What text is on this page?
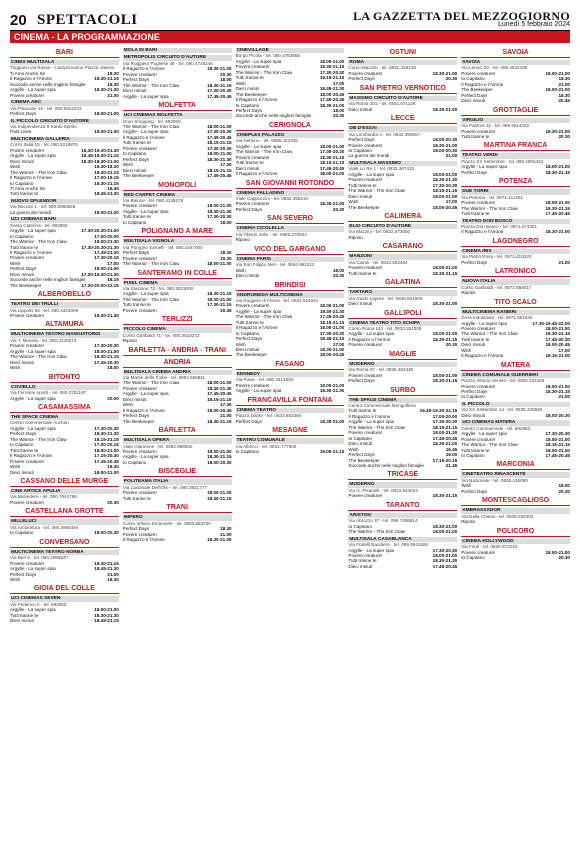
20 SPETTACOLI	LA GAZZETTA DEL MEZZOGIORNO
Lunedì 5 febbraio 2024
CINEMA - LA PROGRAMMAZIONE
BARI
CINEX MULTISALA
Triggiano via Rosso - Campomarino Piazza Valesio
Ti Amo Anche Se	18.30
Il Ragazzo e l'Airone	18.30-21.15
Succede anche nelle migliori famiglie	18.30
Argylle - La super spia	18.30-21.30
Povere creature!	21.00
CINEMA ABC
Via Pisacane 15 - tel. 080.9014423
Perfect Days	18.00-21.00
IL PICCOLO CIRCUITO D'AUTORE
Via Indipendenza 6 Santo Spirito
Past Lives	18.00-21.00
MULTICINEMA GALLERIA
Corso Italia 15 - tel. 080.5216875
Povere creature!	16.30-19.30-21.30
Argylle - La super spia	16.45-18.30-21.15
Dieci minuti	16.30-18.30-21.00
Wish	16.30-18.30
The Warrior - The Iron Claw	18.30-21.15
Il Ragazzo e l'Airone	17.00-19.15
Io Capitano	16.30-21.15
Ti Amo Anche Se	16.45
Tutti tranne te	18.45-21.30
NUOVO SPLENDOR
Via Buccari 1 - tel. 080.5060658
La guerra dei mondi	18.00-21.00
UCI CINEMAS BARI
Santa Caterina - tel. 892960
Argylle - La super spia	17.30-20.30-21.00
Io Capitano	17.00-20.00
The Warrior - The Iron Claw	18.00-21.30
Tutti tranne te	17.30-20.30-21.30
Il Ragazzo e l'Airone	17.45-21.00
Povere creature!	17.30-20.15
Wish	17.00
Perfect Days	18.00-21.00
Dieci minuti	17.30-19.30-21.30
Succede anche nelle migliori famiglie	18.15
The Beekeeper	17.30-20.00-22.15
ALBEROBELLO
TEATRO DEI TRULLI
Via Lippolis 85 - tel. 080.4324009
Povere creature!	18.30-21.30
ALTAMURA
MULTICINEMA TEATRO MANGIATORDI
Via T. Moneta - tel. 080.3143573
Povere creature!	17.30-20.30
Argylle - La super spia	18.00-21.00
The Warrior - The Iron Claw	18.30-21.15
Dieci minuti	17.45-20.30
Wish	18.00
BITONTO
COVIELLO
Via Ferrante Aporti - tel. 080.3751187
Argylle - La super spia	20.00
CASAMASSIMA
THE SPACE CINEMA
Centro Commerciale Auchan
Argylle - La super spia	17.30-20.30
Perfect Days	18.30-21.30
The Warrior - The Iron Claw	18.15-21.15
Io Capitano	17.00-20.15
Tutti tranne te	18.00-21.00
Il Ragazzo e l'Airone	17.15-20.30
Povere creature!	17.45-20.45
Wish	16.30
Dieci minuti	18.00-21.00
CASSANO DELLE MURGE
CINE ARTICE APULIA
Via Belvedere - tel. 080.7644788
Povere creature!	20.30
CASTELLANA GROTTE
MILLELUCI
Via Arcipretura - tel. 080.4965484
Io Capitano	18.00-20.30
CONVERSANO
MULTICINEMA TEATRO NORBA
Via Bari 6 - tel. 080.4956847
Povere creature!	18.30-21.15
Argylle - La super spia	18.45-21.30
Perfect Days	21.00
Wish	18.30
GIOIA DEL COLLE
UCI CINEMAS SEVEN
Via Federico II - tel. 892960
Argylle - La super spia	18.00-21.00
Tutti tranne te	18.30-21.30
Dieci minuti	18.45-21.15
MOLA DI BARI
METROPOLIS CIRCUITO D'AUTORE
Via Ruggiero Pugliese 46 - tel. 080.4748246
Il Ragazzo e l'Airone	18.30-21.00
Povere creature!	20.30
Perfect Days	18.00
The Warrior - The Iron Claw	18.30-21.15
Dieci minuti	17.30-20.30
Argylle - La super spia	17.45-20.45
MOLFETTA
UCI CINEMAS MOLFETTA
Gran Shopping - tel. 892960
The Warrior - The Iron Claw	18.00-21.00
Argylle - La super spia	17.30-20.30
Il Ragazzo e l'Airone	17.45-20.45
Tutti tranne te	18.15-21.15
Povere creature!	17.30-20.30
Io Capitano	18.00-21.00
Perfect Days	18.30-21.30
Wish	17.00
Dieci minuti	18.15-21.15
The Beekeeper	17.45-20.45
MONOPOLI
RED CARPET CINEMA
Via Baione - tel. 080.4138276
Povere creature!	18.00-21.00
Argylle - La super spia	18.30-21.30
Tutti tranne te	17.30-20.30
Io Capitano	18.00
POLIGNANO A MARE
MULTISALA VIGNOLA
Via Pompeo Sarnelli - tel. 080.4247000
Perfect Days	18.30
Povere creature!	20.30
The Warrior - The Iron Claw	18.00-21.00
SANTERAMO IN COLLE
PIXEL CINEMA
Via Stazione 73 - tel. 080.3023000
Argylle - La super spia	18.30-21.15
The Warrior - The Iron Claw	18.00-21.00
Tutti tranne te	17.30-21.15
Povere creature!	20.45
TERLIZZI
PICCOLO CINEMA
Corso Garibaldi 71 - tel. 080.3510272
Riposo
BARLETTA - ANDRIA - TRANI
ANDRIA
MULTISALA CINEMA ANDRIA
Via Martiri delle Foibe - tel. 0883.556811
The Warrior - The Iron Claw	18.00-21.00
Povere creature!	18.30-21.30
Argylle - La super spia	17.45-20.45
Dieci minuti	18.15-21.15
Wish	17.30
Il Ragazzo e l'Airone	18.00-20.45
Perfect Days	21.00
The Beekeeper	18.30-21.15
BARLETTA
MULTISALA OPERA
Viale Giannone - tel. 0883.955660
Povere creature!	18.00-21.00
Argylle - La super spia	18.30-21.15
Io Capitano	18.00-20.30
BISCEGLIE
POLITEAMA ITALIA
Via Cardinale Dell'Olio - tel. 080.3921777
Povere creature!	18.00-21.00
Tutti tranne te	18.30-21.15
TRANI
IMPERO
Corso Vittorio Emanuele - tel. 0883.583700
Perfect Days	18.30
Povere creature!	21.00
Il Ragazzo e l'Airone	18.30-21.00
CINEVILLAGE
Borgo Picola - tel. 080.4783888
Argylle - La super spia	18.00-21.00
Povere creature!	18.30-21.15
The Warrior - The Iron Claw	17.30-20.30
Tutti tranne te	18.15-21.15
Wish	17.00
Dieci minuti	18.45-21.30
The Beekeeper	18.00-20.45
Il Ragazzo e l'Airone	17.45-20.45
Io Capitano	18.30-21.00
Perfect Days	18.00
Succede anche nelle migliori famiglie	20.30
CERIGNOLA
CINEPLEX PALAZZO
Via Nettuno - tel. 0885.422345
Argylle - La super spia	18.00-21.00
The Warrior - The Iron Claw	17.30-20.30
Povere creature!	18.30-21.15
Tutti tranne te	18.15-21.15
Dieci minuti	17.45-20.45
Il Ragazzo e l'Airone	18.00-21.00
SAN GIOVANNI ROTONDO
CINEMA PALLADINO
Viale Cappuccini - tel. 0882.456210
Povere creature!	18.30-21.00
Perfect Days	20.30
SAN SEVERO
CINEMA CICOLELLA
Via Tiberio Solis - tel. 0882.375844
Riposo
VICO DEL GARGANO
CINEMA PARIS
Via San Filippo Neri - tel. 0884.991022
Wish	18.00
Dieci minuti	20.30
BRINDISI
ANDROMEDA MULTICINEMA
Via Ruggero di Flores - tel. 0831.524041
Povere creature!	18.00-21.00
Argylle - La super spia	18.30-21.30
The Warrior - The Iron Claw	17.45-20.45
Tutti tranne te	18.15-21.15
Il Ragazzo e l'Airone	18.00-21.00
Io Capitano	17.30-20.30
Perfect Days	18.45-21.15
Wish	17.00
Dieci minuti	18.30-21.00
The Beekeeper	18.00-20.45
FASANO
KENNEDY
Via Piave - tel. 080.4414600
Povere creature!	18.00-21.00
Argylle - La super spia	18.30-21.30
FRANCAVILLA FONTANA
CINEMA TEATRO
Piazza Dante - tel. 0831.853380
Perfect Days	18.30-21.00
MESAGNE
TEATRO COMUNALE
Via Albricci - tel. 0831.777900
Io Capitano	19.00-21.15
OSTUNI
ROMA
Corso Mazzini - tel. 0831.339218
Povere creature!	18.30-21.00
Perfect Days	20.30
SAN PIETRO VERNOTICO
MASSIMO CIRCUITO D'AUTORE
Via Roma 101 - tel. 0831.671128
Dieci minuti	18.30-21.00
LECCE
DB D'ESSAI
Via Lombardia 4 - tel. 0832.390557
Perfect Days	18.00-20.30
Povere creature!	18.30-21.00
Io Capitano	18.00-20.30
La guerra dei mondi	21.00
MULTISALA MASSIMO
Viale Lo Re 1 - tel. 0832.307433
Argylle - La super spia	18.00-21.00
Povere creature!	18.30-21.30
Tutti tranne te	17.30-20.30
The Warrior - The Iron Claw	18.15-21.15
Dieci minuti	18.00-21.00
Wish	17.00
The Beekeeper	18.00-20.45
CALIMERA
ELIO CIRCUITO D'AUTORE
Via Mazzini - tel. 0832.873050
Riposo
CASARANO
MANZONI
Via Cairoli - tel. 0833.502484
Povere creature!	18.00-21.00
Tutti tranne te	18.30-21.15
GALATINA
TARTARO
Via Guido Lepore - tel. 0836.561609
Dieci minuti	18.30-21.00
GALLIPOLI
CINEMA TEATRO TITO SCHIPA
Corso Roma 144 - tel. 0833.261305
Argylle - La super spia	18.00-21.00
Il Ragazzo e l'Airone	18.30-21.15
Povere creature!	20.30
MAGLIE
MODERNO
Via Roma 27 - tel. 0836.484330
Povere creature!	18.00-21.00
Perfect Days	18.30-21.15
SURBO
THE SPACE CINEMA
Centro Commerciale Mongolfiera
Tutti tranne te	16.30-19.30-22.15
Il Ragazzo e l'Airone	17.00-20.00
Argylle - La super spia	17.30-20.30
The Warrior - The Iron Claw	18.15-21.15
Povere creature!	18.00-21.30
Io Capitano	17.45-20.45
Dieci minuti	18.30-21.00
Wish	16.45
Perfect Days	19.00
The Beekeeper	17.15-20.15
Succede anche nelle migliori famiglie	21.45
TRICASE
MODERNO
Via G. Pisanelli - tel. 0833.544024
Povere creature!	18.30-21.15
TARANTO
ARISTON
Via Abruzzo 37 - tel. 099.7306814
Io Capitano	18.30-21.00
The Warrior - The Iron Claw	18.00-21.00
MULTISALA CASABLANCA
Via Fratelli Bandiera - tel. 099.9941555
Argylle - La super spia	17.30-20.30
Povere creature!	18.00-21.00
Tutti tranne te	18.30-21.30
Dieci minuti	17.45-20.45
SAVOIA
SAVOIA
Via Lenoci 20 - tel. 099.4532198
Povere creature!	18.00-21.00
Io Capitano	18.30
Il Ragazzo e l'Airone	21.00
The Beekeeper	18.00-21.00
Perfect Days	18.30
Dieci minuti	20.45
GROTTAGLIE
VIRGILIO
Via Pastore 11 - tel. 099.5614422
Povere creature!	18.30-21.00
Tutti tranne te	20.30
MARTINA FRANCA
TEATRO VERDI
Piazza XX Settembre - tel. 080.4805432
Argylle - La super spia	18.00-21.00
Perfect Days	18.30-21.15
POTENZA
DUE TORRI
Via Pretoria - tel. 0971.411451
Povere creature!	18.00-21.00
The Warrior - The Iron Claw	18.30-21.15
Tutti tranne te	17.45-20.45
TEATRO DON BOSCO
Piazza Don Bosco - tel. 0971.274301
Il Ragazzo e l'Airone	18.30-21.00
LAGONEGRO
CINEMA IRIS
Via Pietro Rosa - tel. 0973.410020
Perfect Days	21.00
LATRONICO
NUOVA ITALIA
Corso Garibaldi - tel. 0973.858017
Riposo
TITO SCALO
MULTICINEMA RANIERI
Zona Industriale - tel. 0971.651045
Argylle - La super spia	17.30-19.45-22.00
Povere creature!	18.00-21.00
The Warrior - The Iron Claw	18.30-21.15
Tutti tranne te	17.45-20.30
Dieci minuti	18.00-20.45
Wish	17.00
Il Ragazzo e l'Airone	18.15-21.00
MATERA
CINEMA COMUNALE GUERRIERI
Piazza Vittorio Veneto - tel. 0835.334184
Povere creature!	18.00-21.00
Perfect Days	18.30-21.15
Io Capitano	21.00
IL PICCOLO
Via XX Settembre 14 - tel. 0835.330582
Dieci minuti	18.00-20.30
UCI CINEMAS MATERA
Centro Commerciale - tel. 892960
Argylle - La super spia	17.30-20.30
Povere creature!	18.00-21.00
The Warrior - The Iron Claw	18.15-21.15
Tutti tranne te	18.00-21.00
Io Capitano	17.45-20.45
MARCONIA
CINETEATRO RINASCENTE
Via Nazionale - tel. 0835.416090
Wish	18.00
Perfect Days	20.30
MONTESCAGLIOSO
AMBRASSADOR
Via Dalla Chiesa - tel. 0835.200402
Riposo
POLICORO
CINEMA HOLLYWOOD
Via Friuli - tel. 0835.972233
Povere creature!	18.00-21.00
Io Capitano	20.30
